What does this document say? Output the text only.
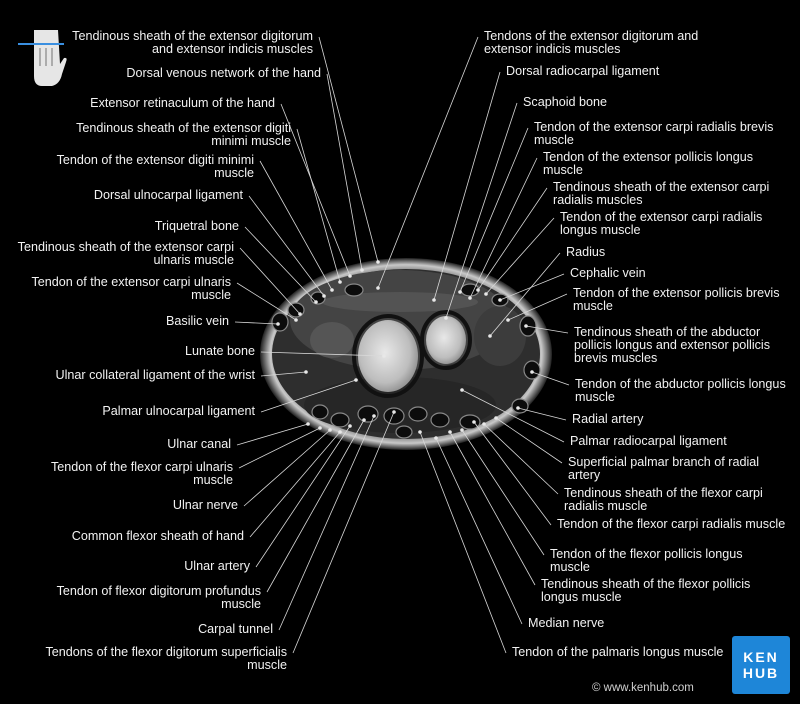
Tendinous sheath of the extensor digitorum and extensor indicis muscles
Dorsal venous network of the hand
Extensor retinaculum of the hand
Tendinous sheath of the extensor digiti minimi muscle
Tendon of the extensor digiti minimi muscle
Dorsal ulnocarpal ligament
Triquetral bone
Tendinous sheath of the extensor carpi ulnaris muscle
Tendon of the extensor carpi ulnaris muscle
Basilic vein
Lunate bone
Ulnar collateral ligament of the wrist
Palmar ulnocarpal ligament
Ulnar canal
Tendon of the flexor carpi ulnaris muscle
Ulnar nerve
Common flexor sheath of hand
Ulnar artery
Tendon of flexor digitorum profundus muscle
Carpal tunnel
Tendons of the flexor digitorum superficialis muscle
Tendons of the extensor digitorum and extensor indicis muscles
Dorsal radiocarpal ligament
Scaphoid bone
Tendon of the extensor carpi radialis brevis muscle
Tendon of the extensor pollicis longus muscle
Tendinous sheath of the extensor carpi radialis muscles
Tendon of the extensor carpi radialis longus muscle
Radius
Cephalic vein
Tendon of the extensor pollicis brevis muscle
Tendinous sheath of the abductor pollicis longus and extensor pollicis brevis muscles
Tendon of the abductor pollicis longus muscle
Radial artery
Palmar radiocarpal ligament
Superficial palmar branch of radial artery
Tendinous sheath of the flexor carpi radialis muscle
Tendon of the flexor carpi radialis muscle
Tendon of the flexor pollicis longus muscle
Tendinous sheath of the flexor pollicis longus muscle
Median nerve
Tendon of the palmaris longus muscle
© www.kenhub.com
KEN
HUB
